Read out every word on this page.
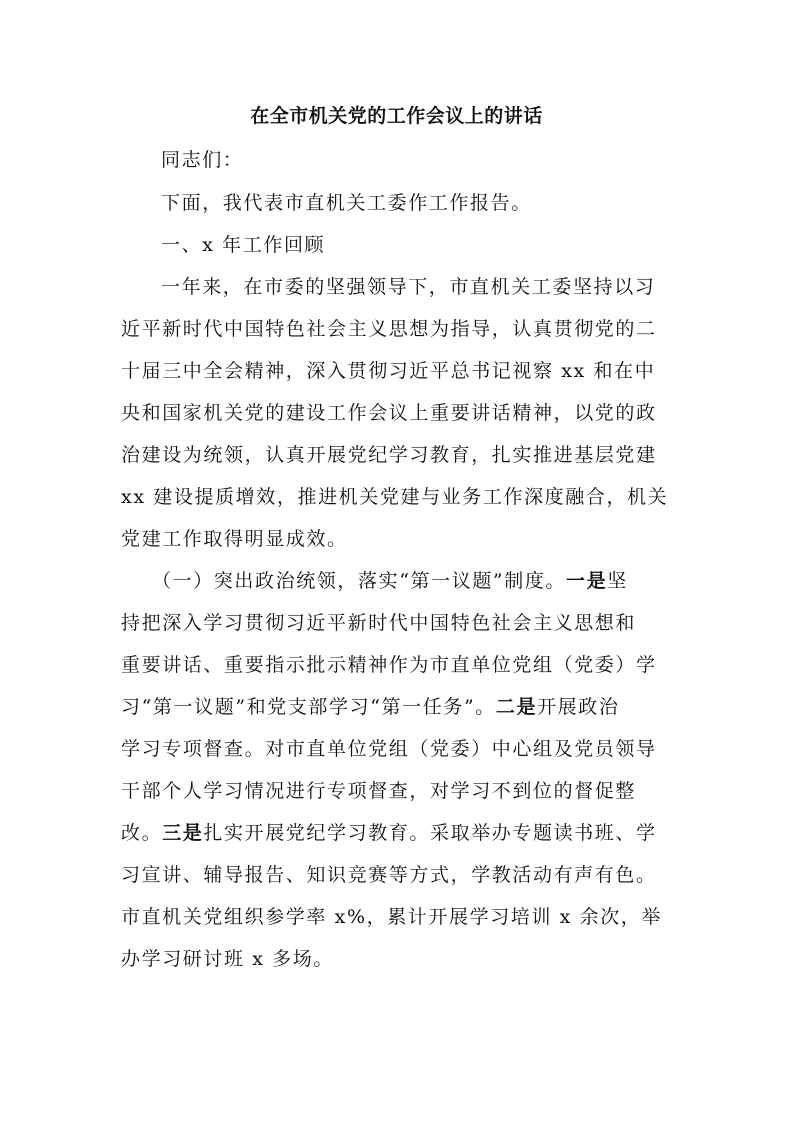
在全市机关党的工作会议上的讲话
同志们：
下面，我代表市直机关工委作工作报告。
一、x 年工作回顾
一年来，在市委的坚强领导下，市直机关工委坚持以习
近平新时代中国特色社会主义思想为指导，认真贯彻党的二
十届三中全会精神，深入贯彻习近平总书记视察 xx 和在中
央和国家机关党的建设工作会议上重要讲话精神，以党的政
治建设为统领，认真开展党纪学习教育，扎实推进基层党建
xx 建设提质增效，推进机关党建与业务工作深度融合，机关
党建工作取得明显成效。
（一）突出政治统领，落实“第一议题”制度。一是坚
持把深入学习贯彻习近平新时代中国特色社会主义思想和
重要讲话、重要指示批示精神作为市直单位党组（党委）学
习“第一议题”和党支部学习“第一任务”。二是开展政治
学习专项督查。对市直单位党组（党委）中心组及党员领导
干部个人学习情况进行专项督查，对学习不到位的督促整
改。三是扎实开展党纪学习教育。采取举办专题读书班、学
习宣讲、辅导报告、知识竞赛等方式，学教活动有声有色。
市直机关党组织参学率 x%，累计开展学习培训 x 余次，举
办学习研讨班 x 多场。
